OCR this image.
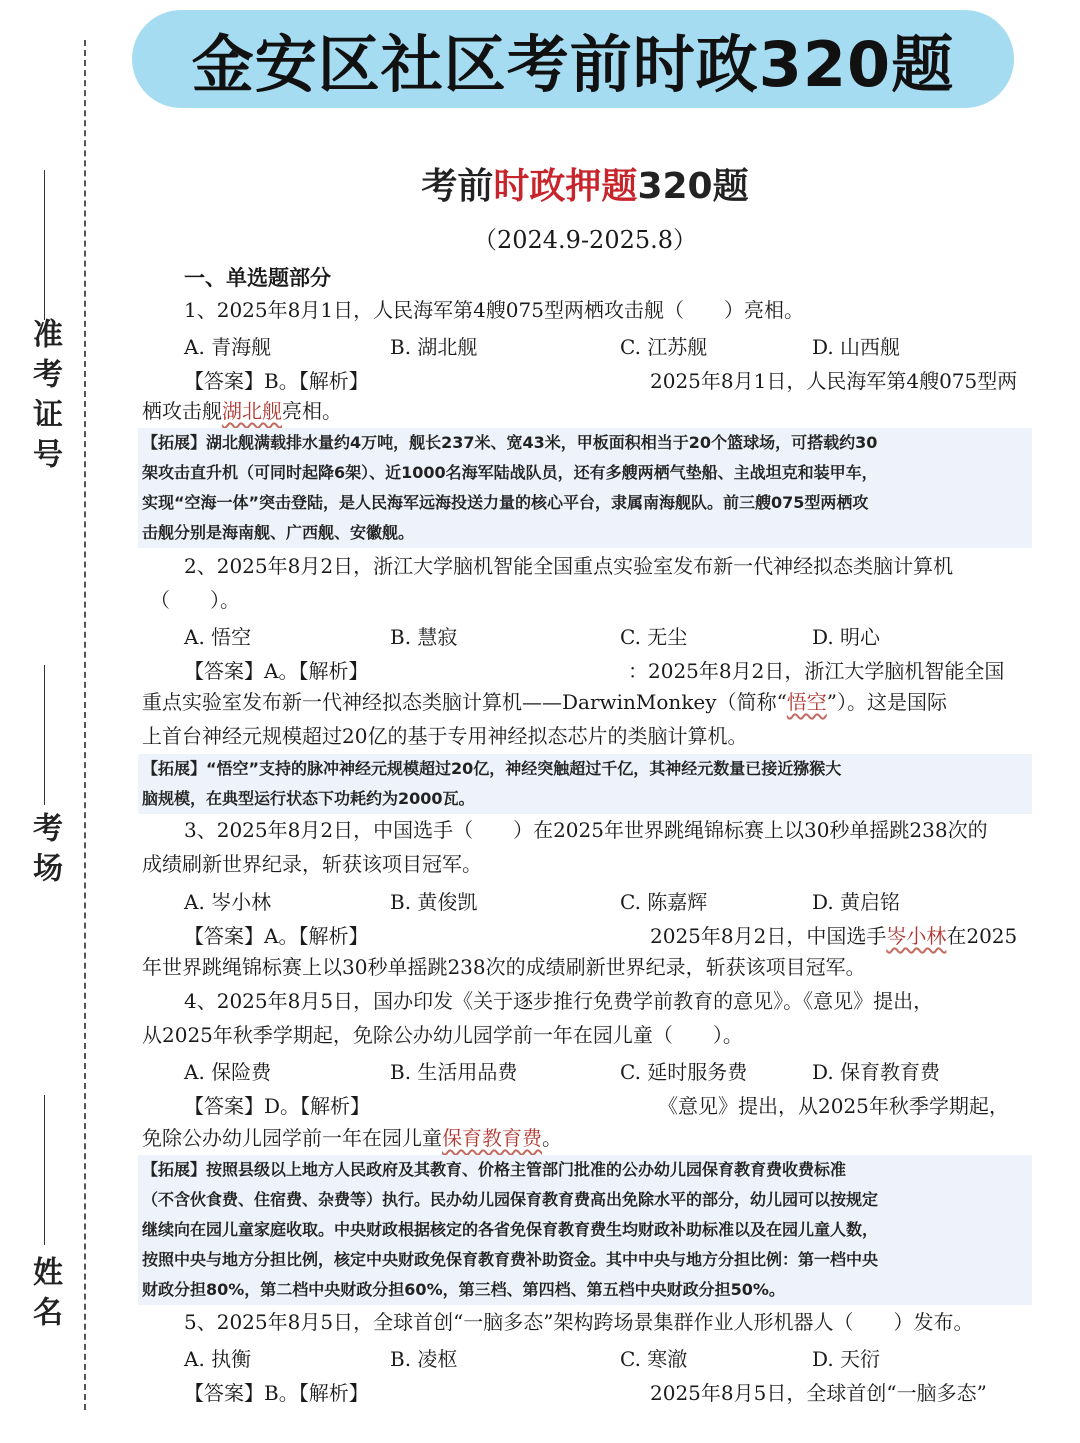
准考证号
考场
姓名
金安区社区考前时政320题
考前时政押题320题
（2024.9-2025.8）
一、单选题部分
1、2025年8月1日，人民海军第4艘075型两栖攻击舰（　　）亮相。
A. 青海舰	B. 湖北舰	C. 江苏舰	D. 山西舰
【答案】B。【解析】	2025年8月1日，人民海军第4艘075型两
栖攻击舰湖北舰亮相。
【拓展】湖北舰满载排水量约4万吨，舰长237米、宽43米，甲板面积相当于20个篮球场，可搭载约30
架攻击直升机（可同时起降6架）、近1000名海军陆战队员，还有多艘两栖气垫船、主战坦克和装甲车，
实现“空海一体”突击登陆，是人民海军远海投送力量的核心平台，隶属南海舰队。前三艘075型两栖攻
击舰分别是海南舰、广西舰、安徽舰。
2、2025年8月2日，浙江大学脑机智能全国重点实验室发布新一代神经拟态类脑计算机
（　　）。
A. 悟空	B. 慧寂	C. 无尘	D. 明心
【答案】A。【解析】	：2025年8月2日，浙江大学脑机智能全国
重点实验室发布新一代神经拟态类脑计算机——DarwinMonkey（简称“悟空”）。这是国际
上首台神经元规模超过20亿的基于专用神经拟态芯片的类脑计算机。
【拓展】“悟空”支持的脉冲神经元规模超过20亿，神经突触超过千亿，其神经元数量已接近猕猴大
脑规模，在典型运行状态下功耗约为2000瓦。
3、2025年8月2日，中国选手（　　）在2025年世界跳绳锦标赛上以30秒单摇跳238次的
成绩刷新世界纪录，斩获该项目冠军。
A. 岑小林	B. 黄俊凯	C. 陈嘉辉	D. 黄启铭
【答案】A。【解析】	2025年8月2日，中国选手岑小林在2025
年世界跳绳锦标赛上以30秒单摇跳238次的成绩刷新世界纪录，斩获该项目冠军。
4、2025年8月5日，国办印发《关于逐步推行免费学前教育的意见》。《意见》提出，
从2025年秋季学期起，免除公办幼儿园学前一年在园儿童（　　）。
A. 保险费	B. 生活用品费	C. 延时服务费	D. 保育教育费
【答案】D。【解析】	《意见》提出，从2025年秋季学期起，
免除公办幼儿园学前一年在园儿童保育教育费。
【拓展】按照县级以上地方人民政府及其教育、价格主管部门批准的公办幼儿园保育教育费收费标准
（不含伙食费、住宿费、杂费等）执行。民办幼儿园保育教育费高出免除水平的部分，幼儿园可以按规定
继续向在园儿童家庭收取。中央财政根据核定的各省免保育教育费生均财政补助标准以及在园儿童人数，
按照中央与地方分担比例，核定中央财政免保育教育费补助资金。其中中央与地方分担比例：第一档中央
财政分担80%，第二档中央财政分担60%，第三档、第四档、第五档中央财政分担50%。
5、2025年8月5日，全球首创“一脑多态”架构跨场景集群作业人形机器人（　　）发布。
A. 执衡	B. 凌枢	C. 寒澈	D. 天衍
【答案】B。【解析】	2025年8月5日，全球首创“一脑多态”
